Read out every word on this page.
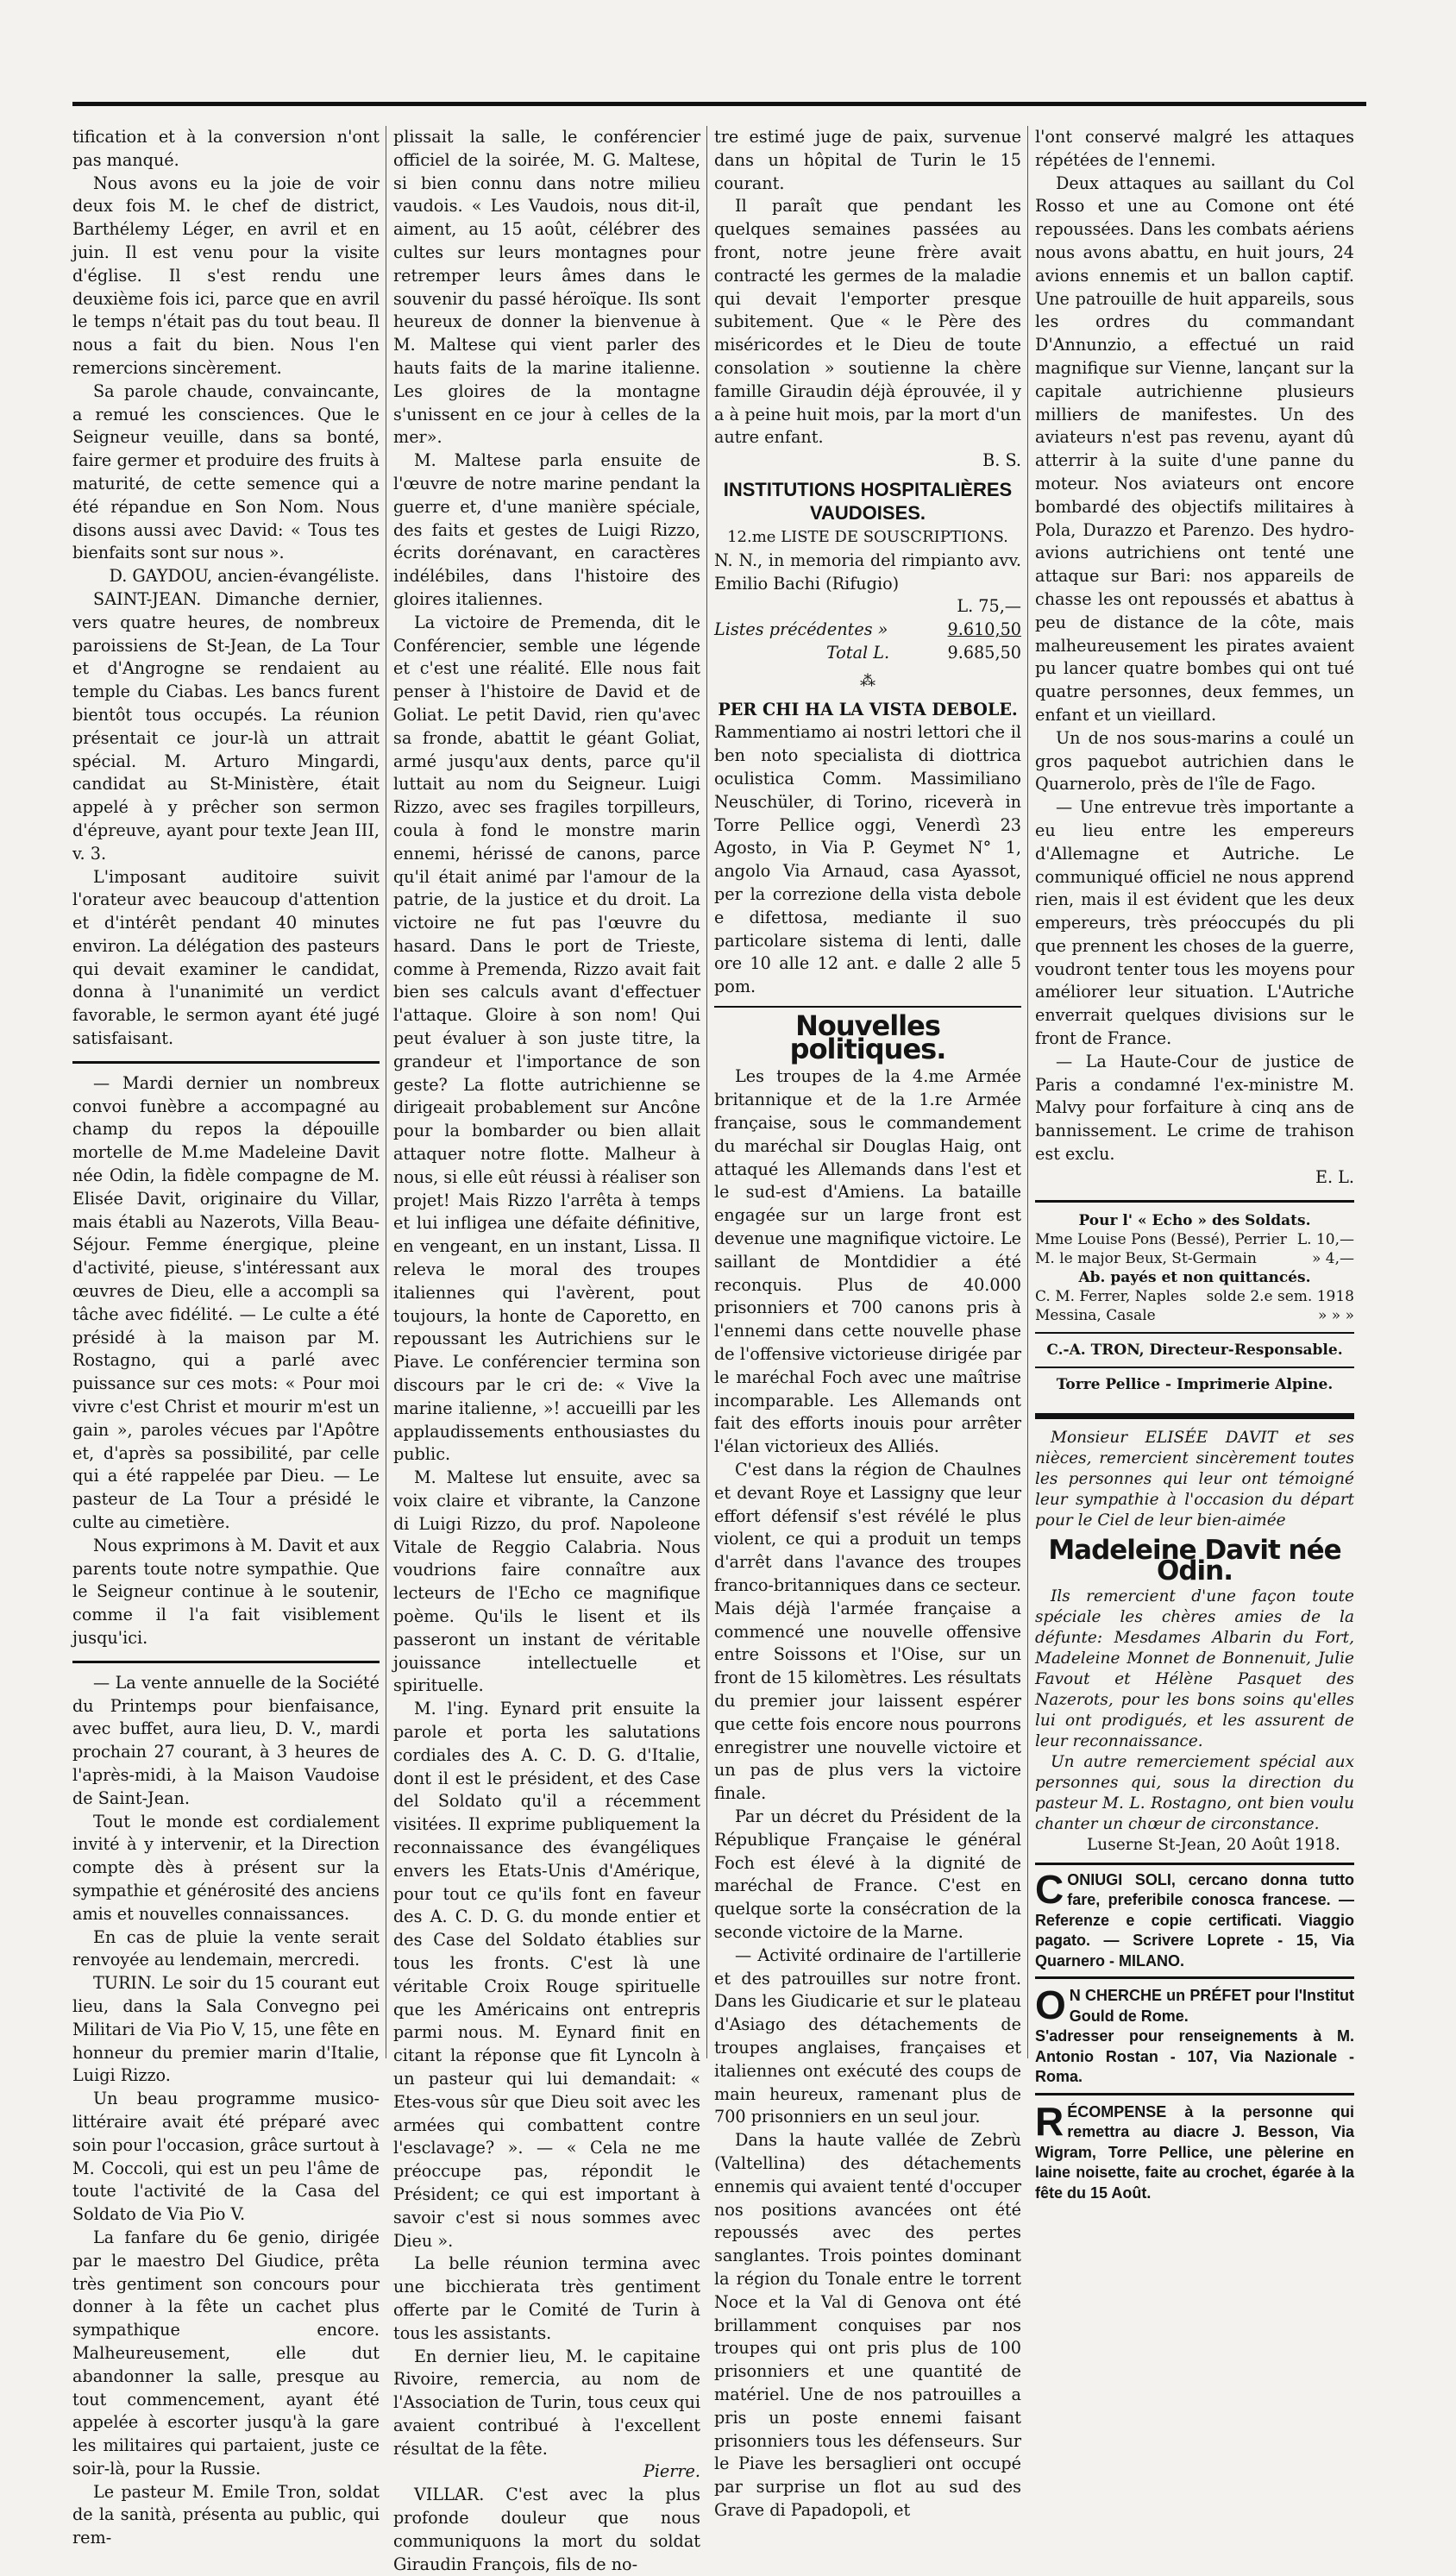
tification et à la conversion n'ont pas manqué.

Nous avons eu la joie de voir deux fois M. le chef de district, Barthélemy Léger, en avril et en juin. Il est venu pour la visite d'église. Il s'est rendu une deuxième fois ici, parce que en avril le temps n'était pas du tout beau. Il nous a fait du bien. Nous l'en remercions sincèrement.

Sa parole chaude, convaincante, a remué les consciences. Que le Seigneur veuille, dans sa bonté, faire germer et produire des fruits à maturité, de cette semence qui a été répandue en Son Nom. Nous disons aussi avec David: « Tous tes bienfaits sont sur nous ».

D. GAYDOU, ancien-évangéliste.

SAINT-JEAN. Dimanche dernier, vers quatre heures, de nombreux paroissiens de St-Jean, de La Tour et d'Angrogne se rendaient au temple du Ciabas. Les bancs furent bientôt tous occupés. La réunion présentait ce jour-là un attrait spécial. M. Arturo Mingardi, candidat au St-Ministère, était appelé à y prêcher son sermon d'épreuve, ayant pour texte Jean III, v. 3.

L'imposant auditoire suivit l'orateur avec beaucoup d'attention et d'intérêt pendant 40 minutes environ. La délégation des pasteurs qui devait examiner le candidat, donna à l'unanimité un verdict favorable, le sermon ayant été jugé satisfaisant.

— Mardi dernier un nombreux convoi funèbre a accompagné au champ du repos la dépouille mortelle de M.me Madeleine Davit née Odin, la fidèle compagne de M. Elisée Davit, originaire du Villar, mais établi au Nazerots, Villa Beau-Séjour. Femme énergique, pleine d'activité, pieuse, s'intéressant aux œuvres de Dieu, elle a accompli sa tâche avec fidélité. — Le culte a été présidé à la maison par M. Rostagno, qui a parlé avec puissance sur ces mots: « Pour moi vivre c'est Christ et mourir m'est un gain », paroles vécues par l'Apôtre et, d'après sa possibilité, par celle qui a été rappelée par Dieu. — Le pasteur de La Tour a présidé le culte au cimetière.

Nous exprimons à M. Davit et aux parents toute notre sympathie. Que le Seigneur continue à le soutenir, comme il l'a fait visiblement jusqu'ici.

— La vente annuelle de la Société du Printemps pour bienfaisance, avec buffet, aura lieu, D. V., mardi prochain 27 courant, à 3 heures de l'après-midi, à la Maison Vaudoise de Saint-Jean.

Tout le monde est cordialement invité à y intervenir, et la Direction compte dès à présent sur la sympathie et générosité des anciens amis et nouvelles connaissances.

En cas de pluie la vente serait renvoyée au lendemain, mercredi.

TURIN. Le soir du 15 courant eut lieu, dans la Sala Convegno pei Militari de Via Pio V, 15, une fête en honneur du premier marin d'Italie, Luigi Rizzo.

Un beau programme musico-littéraire avait été préparé avec soin pour l'occasion, grâce surtout à M. Coccoli, qui est un peu l'âme de toute l'activité de la Casa del Soldato de Via Pio V.

La fanfare du 6e genio, dirigée par le maestro Del Giudice, prêta très gentiment son concours pour donner à la fête un cachet plus sympathique encore. Malheureusement, elle dut abandonner la salle, presque au tout commencement, ayant été appelée à escorter jusqu'à la gare les militaires qui partaient, juste ce soir-là, pour la Russie.

Le pasteur M. Emile Tron, soldat de la sanità, présenta au public, qui rem-

plissait la salle, le conférencier officiel de la soirée, M. G. Maltese, si bien connu dans notre milieu vaudois. « Les Vaudois, nous dit-il, aiment, au 15 août, célébrer des cultes sur leurs montagnes pour retremper leurs âmes dans le souvenir du passé héroïque. Ils sont heureux de donner la bienvenue à M. Maltese qui vient parler des hauts faits de la marine italienne. Les gloires de la montagne s'unissent en ce jour à celles de la mer».

M. Maltese parla ensuite de l'œuvre de notre marine pendant la guerre et, d'une manière spéciale, des faits et gestes de Luigi Rizzo, écrits dorénavant, en caractères indélébiles, dans l'histoire des gloires italiennes.

La victoire de Premenda, dit le Conférencier, semble une légende et c'est une réalité. Elle nous fait penser à l'histoire de David et de Goliat. Le petit David, rien qu'avec sa fronde, abattit le géant Goliat, armé jusqu'aux dents, parce qu'il luttait au nom du Seigneur. Luigi Rizzo, avec ses fragiles torpilleurs, coula à fond le monstre marin ennemi, hérissé de canons, parce qu'il était animé par l'amour de la patrie, de la justice et du droit. La victoire ne fut pas l'œuvre du hasard. Dans le port de Trieste, comme à Premenda, Rizzo avait fait bien ses calculs avant d'effectuer l'attaque. Gloire à son nom! Qui peut évaluer à son juste titre, la grandeur et l'importance de son geste? La flotte autrichienne se dirigeait probablement sur Ancône pour la bombarder ou bien allait attaquer notre flotte. Malheur à nous, si elle eût réussi à réaliser son projet! Mais Rizzo l'arrêta à temps et lui infligea une défaite définitive, en vengeant, en un instant, Lissa. Il releva le moral des troupes italiennes qui l'avèrent, pout toujours, la honte de Caporetto, en repoussant les Autrichiens sur le Piave. Le conférencier termina son discours par le cri de: « Vive la marine italienne, »! accueilli par les applaudissements enthousiastes du public.

M. Maltese lut ensuite, avec sa voix claire et vibrante, la Canzone di Luigi Rizzo, du prof. Napoleone Vitale de Reggio Calabria. Nous voudrions faire connaître aux lecteurs de l'Echo ce magnifique poème. Qu'ils le lisent et ils passeront un instant de véritable jouissance intellectuelle et spirituelle.

M. l'ing. Eynard prit ensuite la parole et porta les salutations cordiales des A. C. D. G. d'Italie, dont il est le président, et des Case del Soldato qu'il a récemment visitées. Il exprime publiquement la reconnaissance des évangéliques envers les Etats-Unis d'Amérique, pour tout ce qu'ils font en faveur des A. C. D. G. du monde entier et des Case del Soldato établies sur tous les fronts. C'est là une véritable Croix Rouge spirituelle que les Américains ont entrepris parmi nous. M. Eynard finit en citant la réponse que fit Lyncoln à un pasteur qui lui demandait: « Etes-vous sûr que Dieu soit avec les armées qui combattent contre l'esclavage? ». — « Cela ne me préoccupe pas, répondit le Président; ce qui est important à savoir c'est si nous sommes avec Dieu ».

La belle réunion termina avec une bicchierata très gentiment offerte par le Comité de Turin à tous les assistants.

En dernier lieu, M. le capitaine Rivoire, remercia, au nom de l'Association de Turin, tous ceux qui avaient contribué à l'excellent résultat de la fête.

Pierre.

VILLAR. C'est avec la plus profonde douleur que nous communiquons la mort du soldat Giraudin François, fils de no-

tre estimé juge de paix, survenue dans un hôpital de Turin le 15 courant.

Il paraît que pendant les quelques semaines passées au front, notre jeune frère avait contracté les germes de la maladie qui devait l'emporter presque subitement. Que « le Père des miséricordes et le Dieu de toute consolation » soutienne la chère famille Giraudin déjà éprouvée, il y a à peine huit mois, par la mort d'un autre enfant.

B. S.

INSTITUTIONS HOSPITALIÈRES VAUDOISES.
12.me LISTE DE SOUSCRIPTIONS.

N. N., in memoria del rimpianto avv. Emilio Bachi (Rifugio)

L. 75,—
Listes précédentes »	9.610,50
Total L.	9.685,50
⁂
PER CHI HA LA VISTA DEBOLE.

Rammentiamo ai nostri lettori che il ben noto specialista di diottrica oculistica Comm. Massimiliano Neuschüler, di Torino, riceverà in Torre Pellice oggi, Venerdì 23 Agosto, in Via P. Geymet N° 1, angolo Via Arnaud, casa Ayassot, per la correzione della vista debole e difettosa, mediante il suo particolare sistema di lenti, dalle ore 10 alle 12 ant. e dalle 2 alle 5 pom.

Nouvelles politiques.

Les troupes de la 4.me Armée britannique et de la 1.re Armée française, sous le commandement du maréchal sir Douglas Haig, ont attaqué les Allemands dans l'est et le sud-est d'Amiens. La bataille engagée sur un large front est devenue une magnifique victoire. Le saillant de Montdidier a été reconquis. Plus de 40.000 prisonniers et 700 canons pris à l'ennemi dans cette nouvelle phase de l'offensive victorieuse dirigée par le maréchal Foch avec une maîtrise incomparable. Les Allemands ont fait des efforts inouis pour arrêter l'élan victorieux des Alliés.

C'est dans la région de Chaulnes et devant Roye et Lassigny que leur effort défensif s'est révélé le plus violent, ce qui a produit un temps d'arrêt dans l'avance des troupes franco-britanniques dans ce secteur. Mais déjà l'armée française a commencé une nouvelle offensive entre Soissons et l'Oise, sur un front de 15 kilomètres. Les résultats du premier jour laissent espérer que cette fois encore nous pourrons enregistrer une nouvelle victoire et un pas de plus vers la victoire finale.

Par un décret du Président de la République Française le général Foch est élevé à la dignité de maréchal de France. C'est en quelque sorte la consécration de la seconde victoire de la Marne.

— Activité ordinaire de l'artillerie et des patrouilles sur notre front. Dans les Giudicarie et sur le plateau d'Asiago des détachements de troupes anglaises, françaises et italiennes ont exécuté des coups de main heureux, ramenant plus de 700 prisonniers en un seul jour.

Dans la haute vallée de Zebrù (Valtellina) des détachements ennemis qui avaient tenté d'occuper nos positions avancées ont été repoussés avec des pertes sanglantes. Trois pointes dominant la région du Tonale entre le torrent Noce et la Val di Genova ont été brillamment conquises par nos troupes qui ont pris plus de 100 prisonniers et une quantité de matériel. Une de nos patrouilles a pris un poste ennemi faisant prisonniers tous les défenseurs. Sur le Piave les bersaglieri ont occupé par surprise un flot au sud des Grave di Papadopoli, et

l'ont conservé malgré les attaques répétées de l'ennemi.

Deux attaques au saillant du Col Rosso et une au Comone ont été repoussées. Dans les combats aériens nous avons abattu, en huit jours, 24 avions ennemis et un ballon captif. Une patrouille de huit appareils, sous les ordres du commandant D'Annunzio, a effectué un raid magnifique sur Vienne, lançant sur la capitale autrichienne plusieurs milliers de manifestes. Un des aviateurs n'est pas revenu, ayant dû atterrir à la suite d'une panne du moteur. Nos aviateurs ont encore bombardé des objectifs militaires à Pola, Durazzo et Parenzo. Des hydro-avions autrichiens ont tenté une attaque sur Bari: nos appareils de chasse les ont repoussés et abattus à peu de distance de la côte, mais malheureusement les pirates avaient pu lancer quatre bombes qui ont tué quatre personnes, deux femmes, un enfant et un vieillard.

Un de nos sous-marins a coulé un gros paquebot autrichien dans le Quarnerolo, près de l'île de Fago.

— Une entrevue très importante a eu lieu entre les empereurs d'Allemagne et Autriche. Le communiqué officiel ne nous apprend rien, mais il est évident que les deux empereurs, très préoccupés du pli que prennent les choses de la guerre, voudront tenter tous les moyens pour améliorer leur situation. L'Autriche enverrait quelques divisions sur le front de France.

— La Haute-Cour de justice de Paris a condamné l'ex-ministre M. Malvy pour forfaiture à cinq ans de bannissement. Le crime de trahison est exclu.

E. L.

Pour l' « Echo » des Soldats.
Mme Louise Pons (Bessé), Perrier L. 10,—
M. le major Beux, St-Germain	» 4,—
Ab. payés et non quittancés.
C. M. Ferrer, Naples solde 2.e sem. 1918
Messina, Casale	» » »
C.-A. TRON, Directeur-Responsable.
Torre Pellice - Imprimerie Alpine.

Monsieur ELISÉE DAVIT et ses nièces, remercient sincèrement toutes les personnes qui leur ont témoigné leur sympathie à l'occasion du départ pour le Ciel de leur bien-aimée

Madeleine Davit née Odin.

Ils remercient d'une façon toute spéciale les chères amies de la défunte: Mesdames Albarin du Fort, Madeleine Monnet de Bonnenuit, Julie Favout et Hélène Pasquet des Nazerots, pour les bons soins qu'elles lui ont prodigués, et les assurent de leur reconnaissance.

Un autre remerciement spécial aux personnes qui, sous la direction du pasteur M. L. Rostagno, ont bien voulu chanter un chœur de circonstance.

Luserne St-Jean, 20 Août 1918.

C ONIUGI SOLI, cercano donna tutto fare, preferibile conosca francese. — Referenze e copie certificati. Viaggio pagato. — Scrivere Loprete - 15, Via Quarnero - MILANO.

O N CHERCHE un PRÉFET pour l'Institut Gould de Rome.

S'adresser pour renseignements à M. Antonio Rostan - 107, Via Nazionale - Roma.

R ÉCOMPENSE à la personne qui remettra au diacre J. Besson, Via Wigram, Torre Pellice, une pèlerine en laine noisette, faite au crochet, égarée à la fête du 15 Août.
